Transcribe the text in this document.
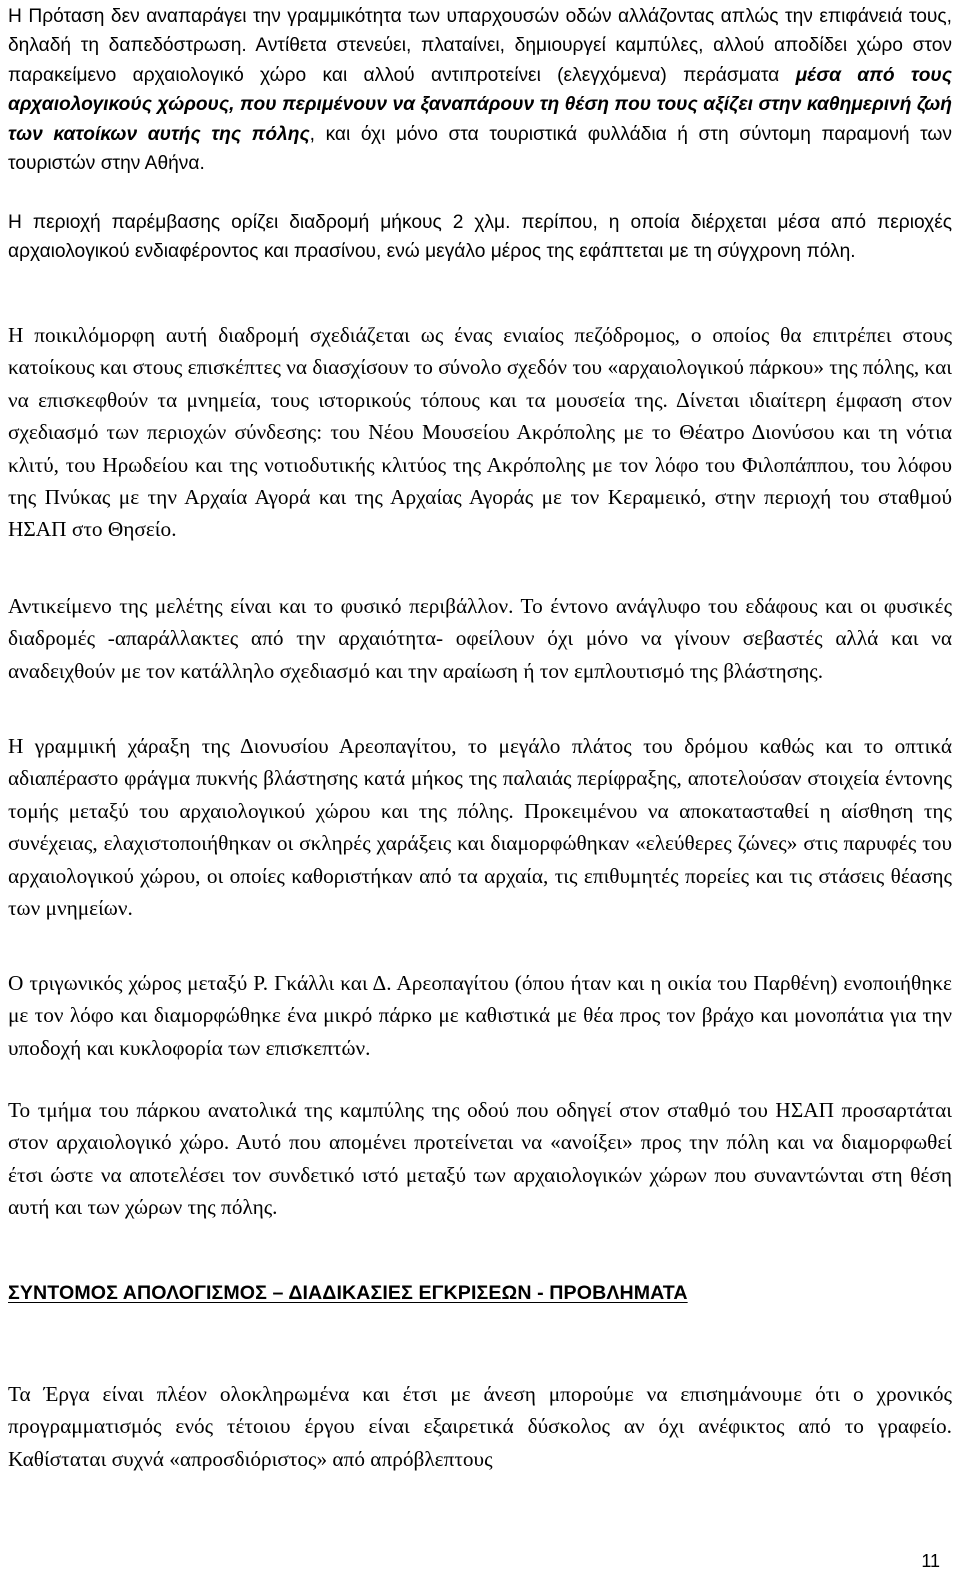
Η Πρόταση δεν αναπαράγει την γραμμικότητα των υπαρχουσών οδών αλλάζοντας απλώς την επιφάνειά τους, δηλαδή τη δαπεδόστρωση. Αντίθετα στενεύει, πλαταίνει, δημιουργεί καμπύλες, αλλού αποδίδει χώρο στον παρακείμενο αρχαιολογικό χώρο και αλλού αντιπροτείνει (ελεγχόμενα) περάσματα μέσα από τους αρχαιολογικούς χώρους, που περιμένουν να ξαναπάρουν τη θέση που τους αξίζει στην καθημερινή ζωή των κατοίκων αυτής της πόλης, και όχι μόνο στα τουριστικά φυλλάδια ή στη σύντομη παραμονή των τουριστών στην Αθήνα.

Η περιοχή παρέμβασης ορίζει διαδρομή μήκους 2 χλμ. περίπου, η οποία διέρχεται μέσα από περιοχές αρχαιολογικού ενδιαφέροντος και πρασίνου, ενώ μεγάλο μέρος της εφάπτεται με τη σύγχρονη πόλη.

Η ποικιλόμορφη αυτή διαδρομή σχεδιάζεται ως ένας ενιαίος πεζόδρομος, ο οποίος θα επιτρέπει στους κατοίκους και στους επισκέπτες να διασχίσουν το σύνολο σχεδόν του «αρχαιολογικού πάρκου» της πόλης, και να επισκεφθούν τα μνημεία, τους ιστορικούς τόπους και τα μουσεία της. Δίνεται ιδιαίτερη έμφαση στον σχεδιασμό των περιοχών σύνδεσης: του Νέου Μουσείου Ακρόπολης με το Θέατρο Διονύσου και τη νότια κλιτύ, του Ηρωδείου και της νοτιοδυτικής κλιτύος της Ακρόπολης με τον λόφο του Φιλοπάππου, του λόφου της Πνύκας με την Αρχαία Αγορά και της Αρχαίας Αγοράς με τον Κεραμεικό, στην περιοχή του σταθμού ΗΣΑΠ στο Θησείο.

Αντικείμενο της μελέτης είναι και το φυσικό περιβάλλον. Το έντονο ανάγλυφο του εδάφους και οι φυσικές διαδρομές -απαράλλακτες από την αρχαιότητα- οφείλουν όχι μόνο να γίνουν σεβαστές αλλά και να αναδειχθούν με τον κατάλληλο σχεδιασμό και την αραίωση ή τον εμπλουτισμό της βλάστησης.

Η γραμμική χάραξη της Διονυσίου Αρεοπαγίτου, το μεγάλο πλάτος του δρόμου καθώς και το οπτικά αδιαπέραστο φράγμα πυκνής βλάστησης κατά μήκος της παλαιάς περίφραξης, αποτελούσαν στοιχεία έντονης τομής μεταξύ του αρχαιολογικού χώρου και της πόλης. Προκειμένου να αποκατασταθεί η αίσθηση της συνέχειας, ελαχιστοποιήθηκαν οι σκληρές χαράξεις και διαμορφώθηκαν «ελεύθερες ζώνες» στις παρυφές του αρχαιολογικού χώρου, οι οποίες καθοριστήκαν από τα αρχαία, τις επιθυμητές πορείες και τις στάσεις θέασης των μνημείων.

Ο τριγωνικός χώρος μεταξύ Ρ. Γκάλλι και Δ. Αρεοπαγίτου (όπου ήταν και η οικία του Παρθένη) ενοποιήθηκε με τον λόφο και διαμορφώθηκε ένα μικρό πάρκο με καθιστικά με θέα προς τον βράχο και μονοπάτια για την υποδοχή και κυκλοφορία των επισκεπτών.

Το τμήμα του πάρκου ανατολικά της καμπύλης της οδού που οδηγεί στον σταθμό του ΗΣΑΠ προσαρτάται στον αρχαιολογικό χώρο. Αυτό που απομένει προτείνεται να «ανοίξει» προς την πόλη και να διαμορφωθεί έτσι ώστε να αποτελέσει τον συνδετικό ιστό μεταξύ των αρχαιολογικών χώρων που συναντώνται στη θέση αυτή και των χώρων της πόλης.

ΣΥΝΤΟΜΟΣ ΑΠΟΛΟΓΙΣΜΟΣ – ΔΙΑΔΙΚΑΣΙΕΣ ΕΓΚΡΙΣΕΩΝ - ΠΡΟΒΛΗΜΑΤΑ

Τα Έργα είναι πλέον ολοκληρωμένα και έτσι με άνεση μπορούμε να επισημάνουμε ότι ο χρονικός προγραμματισμός ενός τέτοιου έργου είναι εξαιρετικά δύσκολος αν όχι ανέφικτος από το γραφείο. Καθίσταται συχνά «απροσδιόριστος» από απρόβλεπτους

11
